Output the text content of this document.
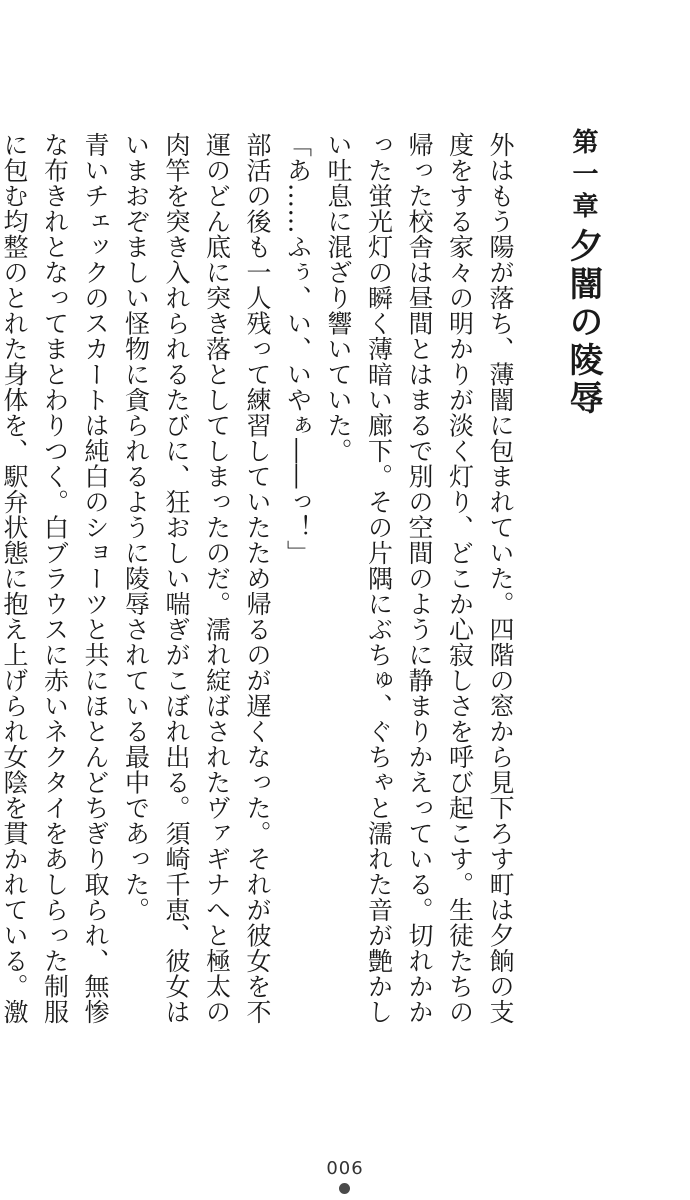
第一章
夕闇の陵辱

外はもう陽が落ち、薄闇に包まれていた。四階の窓から見下ろす町は夕餉の支度をする家々の明かりが淡く灯り、どこか心寂しさを呼び起こす。生徒たちの帰った校舎は昼間とはまるで別の空間のように静まりかえっている。切れかかった蛍光灯の瞬く薄暗い廊下。その片隅にぶちゅ、ぐちゃと濡れた音が艶かしい吐息に混ざり響いていた。

「あ……ふぅ、い、いやぁ――っ！」

部活の後も一人残って練習していたため帰るのが遅くなった。それが彼女を不運のどん底に突き落としてしまったのだ。濡れ綻ばされたヴァギナへと極太の肉竿を突き入れられるたびに、狂おしい喘ぎがこぼれ出る。須崎千恵、彼女はいまおぞましい怪物に貪られるように陵辱されている最中であった。

青いチェックのスカートは純白のショーツと共にほとんどちぎり取られ、無惨な布きれとなってまとわりつく。白ブラウスに赤いネクタイをあしらった制服に包む均整のとれた身体を、駅弁状態に抱え上げられ女陰を貫かれている。激

006
